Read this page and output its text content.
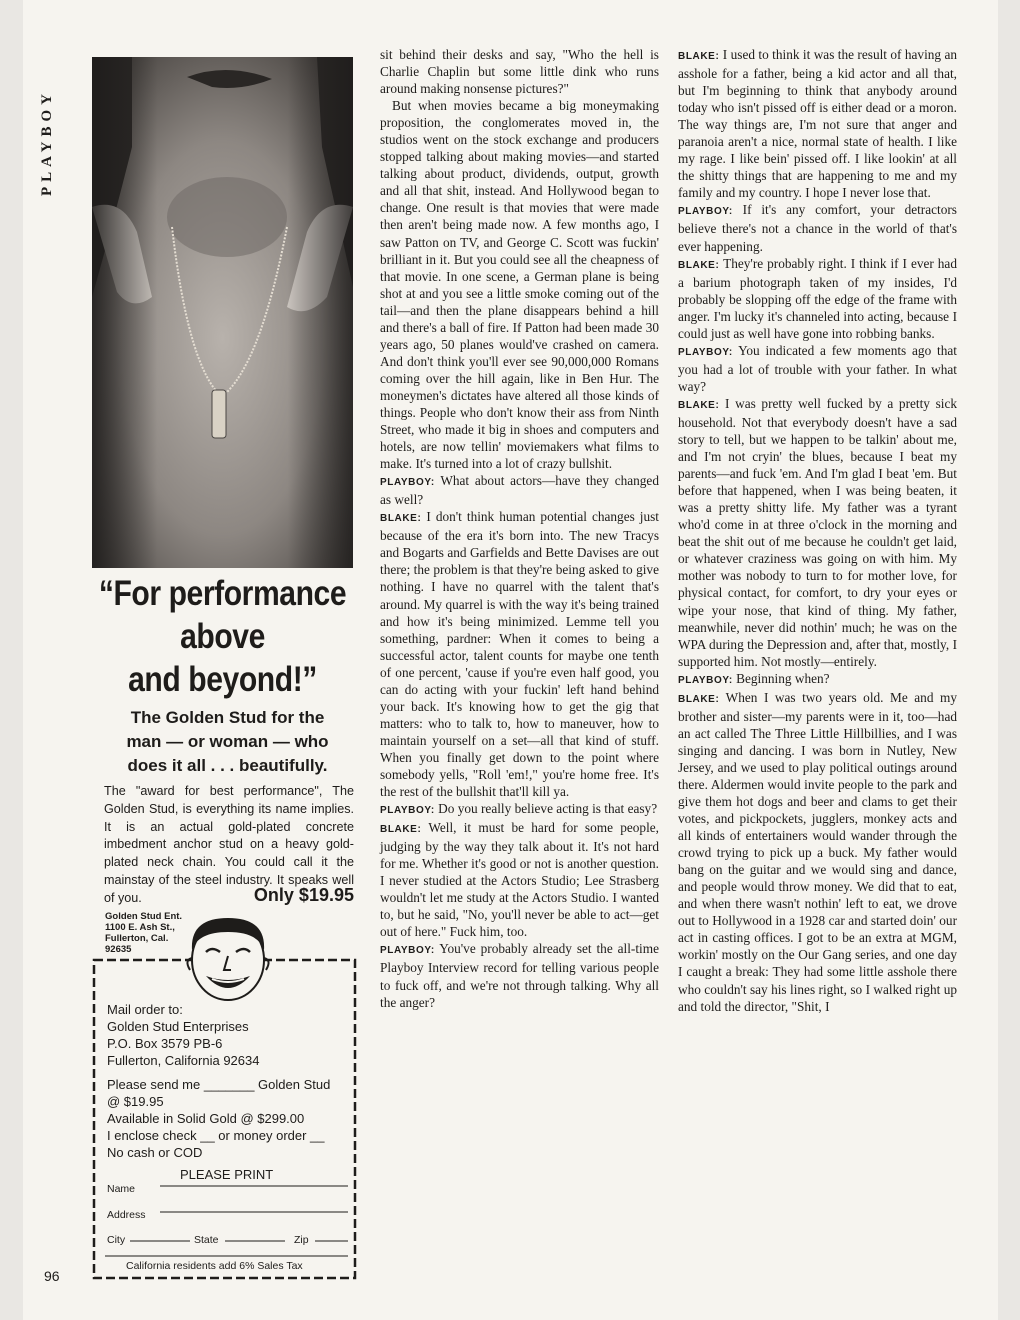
PLAYBOY
“For performance
above
and beyond!”
The Golden Stud for the
man — or woman — who
does it all . . . beautifully.
The "award for best performance", The Golden Stud, is everything its name implies. It is an actual gold-plated concrete imbedment anchor stud on a heavy gold-plated neck chain. You could call it the mainstay of the steel industry. It speaks well of you.	Only $19.95
Golden Stud Ent.
1100 E. Ash St.,
Fullerton, Cal.
92635
Mail order to:
Golden Stud Enterprises
P.O. Box 3579 PB-6
Fullerton, California 92634
Please send me _______ Golden Stud
@ $19.95
Available in Solid Gold @ $299.00
I enclose check __ or money order __
No cash or COD
PLEASE PRINT
Name
Address
City	State	Zip
California residents add 6% Sales Tax
96

sit behind their desks and say, "Who the hell is Charlie Chaplin but some little dink who runs around making nonsense pictures?"

But when movies became a big moneymaking proposition, the conglomerates moved in, the studios went on the stock exchange and producers stopped talking about making movies—and started talking about product, dividends, output, growth and all that shit, instead. And Hollywood began to change. One result is that movies that were made then aren't being made now. A few months ago, I saw Patton on TV, and George C. Scott was fuckin' brilliant in it. But you could see all the cheapness of that movie. In one scene, a German plane is being shot at and you see a little smoke coming out of the tail—and then the plane disappears behind a hill and there's a ball of fire. If Patton had been made 30 years ago, 50 planes would've crashed on camera. And don't think you'll ever see 90,000,000 Romans coming over the hill again, like in Ben Hur. The moneymen's dictates have altered all those kinds of things. People who don't know their ass from Ninth Street, who made it big in shoes and computers and hotels, are now tellin' moviemakers what films to make. It's turned into a lot of crazy bullshit.

PLAYBOY: What about actors—have they changed as well?

BLAKE: I don't think human potential changes just because of the era it's born into. The new Tracys and Bogarts and Garfields and Bette Davises are out there; the problem is that they're being asked to give nothing. I have no quarrel with the talent that's around. My quarrel is with the way it's being trained and how it's being minimized. Lemme tell you something, pardner: When it comes to being a successful actor, talent counts for maybe one tenth of one percent, 'cause if you're even half good, you can do acting with your fuckin' left hand behind your back. It's knowing how to get the gig that matters: who to talk to, how to maneuver, how to maintain yourself on a set—all that kind of stuff. When you finally get down to the point where somebody yells, "Roll 'em!," you're home free. It's the rest of the bullshit that'll kill ya.

PLAYBOY: Do you really believe acting is that easy?

BLAKE: Well, it must be hard for some people, judging by the way they talk about it. It's not hard for me. Whether it's good or not is another question. I never studied at the Actors Studio; Lee Strasberg wouldn't let me study at the Actors Studio. I wanted to, but he said, "No, you'll never be able to act—get out of here." Fuck him, too.

PLAYBOY: You've probably already set the all-time Playboy Interview record for telling various people to fuck off, and we're not through talking. Why all the anger?

BLAKE: I used to think it was the result of having an asshole for a father, being a kid actor and all that, but I'm beginning to think that anybody around today who isn't pissed off is either dead or a moron. The way things are, I'm not sure that anger and paranoia aren't a nice, normal state of health. I like my rage. I like bein' pissed off. I like lookin' at all the shitty things that are happening to me and my family and my country. I hope I never lose that.

PLAYBOY: If it's any comfort, your detractors believe there's not a chance in the world of that's ever happening.

BLAKE: They're probably right. I think if I ever had a barium photograph taken of my insides, I'd probably be slopping off the edge of the frame with anger. I'm lucky it's channeled into acting, because I could just as well have gone into robbing banks.

PLAYBOY: You indicated a few moments ago that you had a lot of trouble with your father. In what way?

BLAKE: I was pretty well fucked by a pretty sick household. Not that everybody doesn't have a sad story to tell, but we happen to be talkin' about me, and I'm not cryin' the blues, because I beat my parents—and fuck 'em. And I'm glad I beat 'em. But before that happened, when I was being beaten, it was a pretty shitty life. My father was a tyrant who'd come in at three o'clock in the morning and beat the shit out of me because he couldn't get laid, or whatever craziness was going on with him. My mother was nobody to turn to for mother love, for physical contact, for comfort, to dry your eyes or wipe your nose, that kind of thing. My father, meanwhile, never did nothin' much; he was on the WPA during the Depression and, after that, mostly, I supported him. Not mostly—entirely.

PLAYBOY: Beginning when?

BLAKE: When I was two years old. Me and my brother and sister—my parents were in it, too—had an act called The Three Little Hillbillies, and I was singing and dancing. I was born in Nutley, New Jersey, and we used to play political outings around there. Aldermen would invite people to the park and give them hot dogs and beer and clams to get their votes, and pickpockets, jugglers, monkey acts and all kinds of entertainers would wander through the crowd trying to pick up a buck. My father would bang on the guitar and we would sing and dance, and people would throw money. We did that to eat, and when there wasn't nothin' left to eat, we drove out to Hollywood in a 1928 car and started doin' our act in casting offices. I got to be an extra at MGM, workin' mostly on the Our Gang series, and one day I caught a break: They had some little asshole there who couldn't say his lines right, so I walked right up and told the director, "Shit, I
